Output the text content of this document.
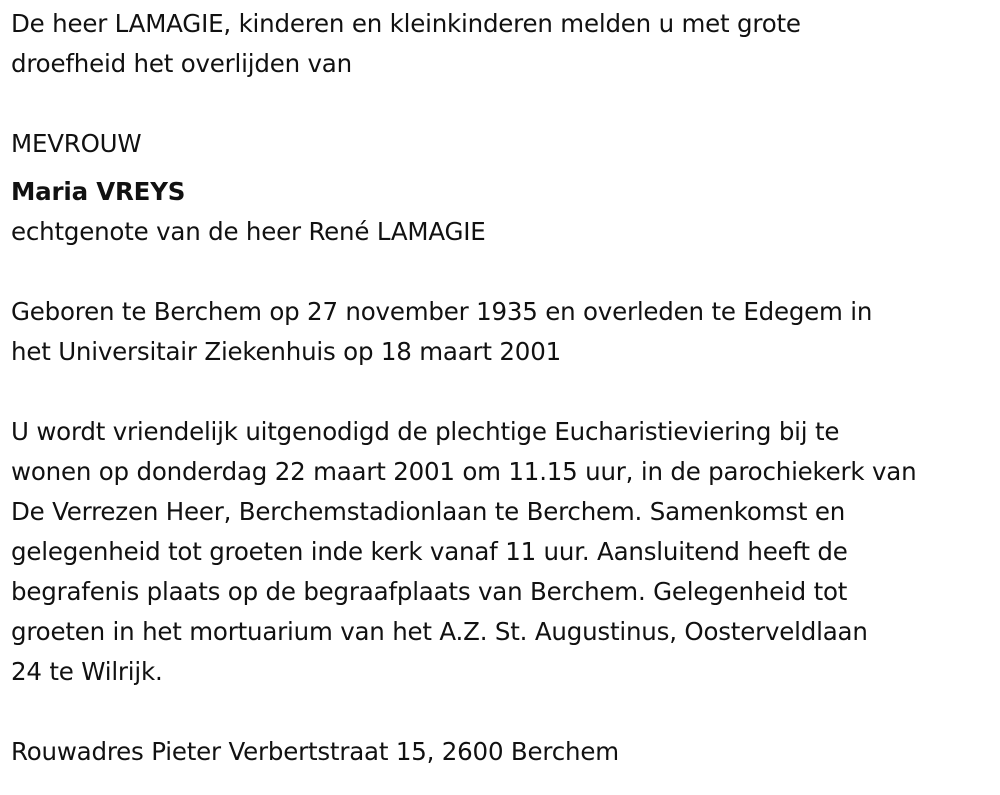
De heer LAMAGIE, kinderen en kleinkinderen melden u met grote
droefheid het overlijden van

MEVROUW

Maria VREYS

echtgenote van de heer René LAMAGIE

Geboren te Berchem op 27 november 1935 en overleden te Edegem in
het Universitair Ziekenhuis op 18 maart 2001

U wordt vriendelijk uitgenodigd de plechtige Eucharistieviering bij te
wonen op donderdag 22 maart 2001 om 11.15 uur, in de parochiekerk van
De Verrezen Heer, Berchemstadionlaan te Berchem. Samenkomst en
gelegenheid tot groeten inde kerk vanaf 11 uur. Aansluitend heeft de
begrafenis plaats op de begraafplaats van Berchem. Gelegenheid tot
groeten in het mortuarium van het A.Z. St. Augustinus, Oosterveldlaan
24 te Wilrijk.

Rouwadres Pieter Verbertstraat 15, 2600 Berchem
